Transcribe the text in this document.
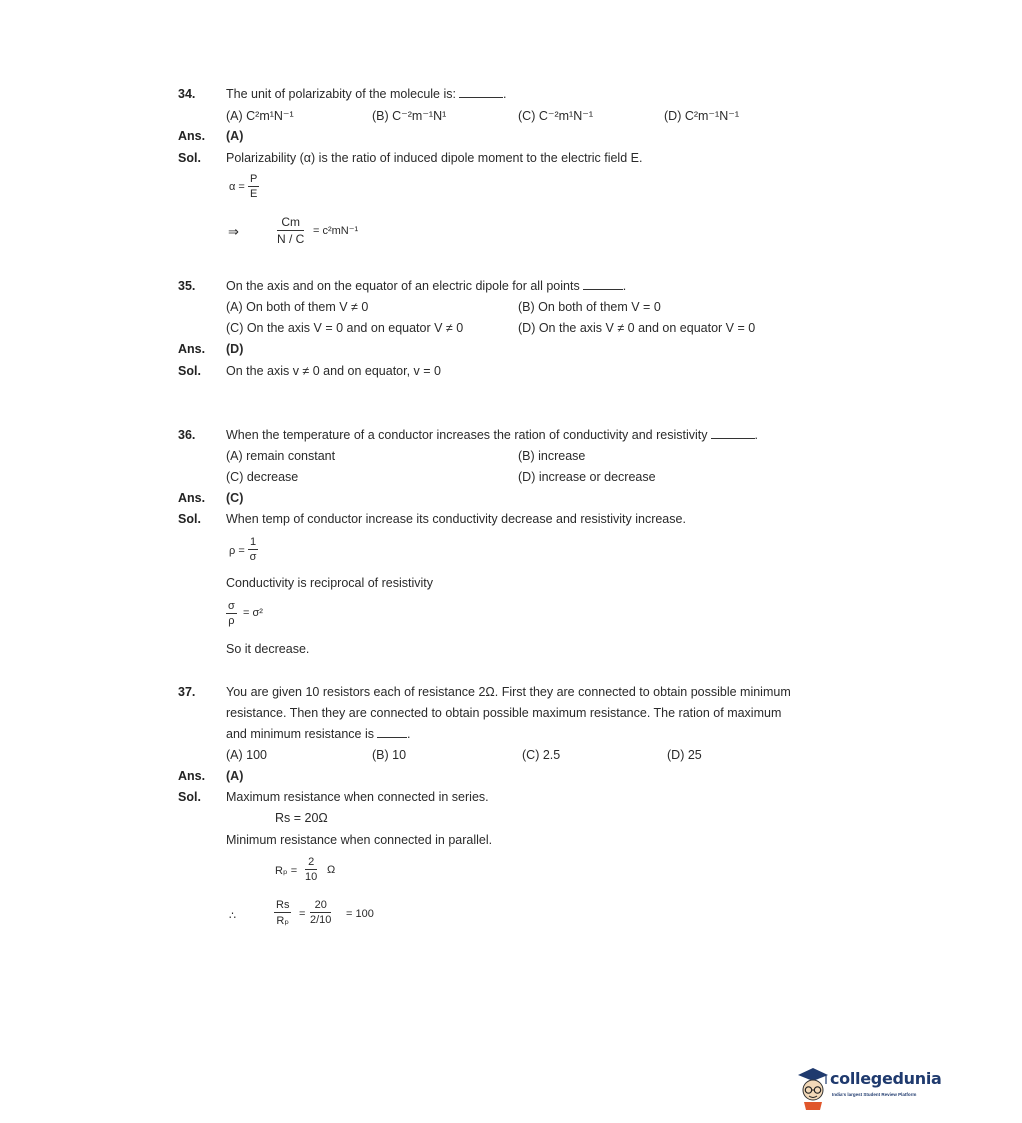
34. The unit of polarizabity of the molecule is:	.
(A) C²m¹N⁻¹	(B) C⁻²m⁻¹N¹	(C) C⁻²m¹N⁻¹	(D) C²m⁻¹N⁻¹
Ans. (A)
Sol. Polarizability (α) is the ratio of induced dipole moment to the electric field E.
$\alpha = \frac{P}{E}$
⇒	$\frac{Cm}{N / C} = c^2mN^{-1}$
35. On the axis and on the equator of an electric dipole for all points	.
(A) On both of them V ≠ 0	(B) On both of them V = 0
(C) On the axis V = 0 and on equator V ≠ 0	(D) On the axis V ≠ 0 and on equator V = 0
Ans. (D)
Sol. On the axis v ≠ 0 and on equator, v = 0
36. When the temperature of a conductor increases the ration of conductivity and resistivity	.
(A) remain constant	(B) increase
(C) decrease	(D) increase or decrease
Ans. (C)
Sol. When temp of conductor increase its conductivity decrease and resistivity increase.
$\rho = \frac{1}{\sigma}$
Conductivity is reciprocal of resistivity
$\frac{\sigma}{\rho} = \sigma^2$
So it decrease.
37. You are given 10 resistors each of resistance 2Ω. First they are connected to obtain possible minimum
resistance. Then they are connected to obtain possible maximum resistance. The ration of maximum
and minimum resistance is	.
(A) 100	(B) 10	(C) 2.5	(D) 25
Ans. (A)
Sol. Maximum resistance when connected in series.
Rs = 20Ω
Minimum resistance when connected in parallel.
$R_p = \frac{2}{10}$ Ω
∴	$\frac{Rs}{\text{Rₚ}} = \frac{20}{2/10} = 100$
collegedunia
India's largest Student Review Platform
